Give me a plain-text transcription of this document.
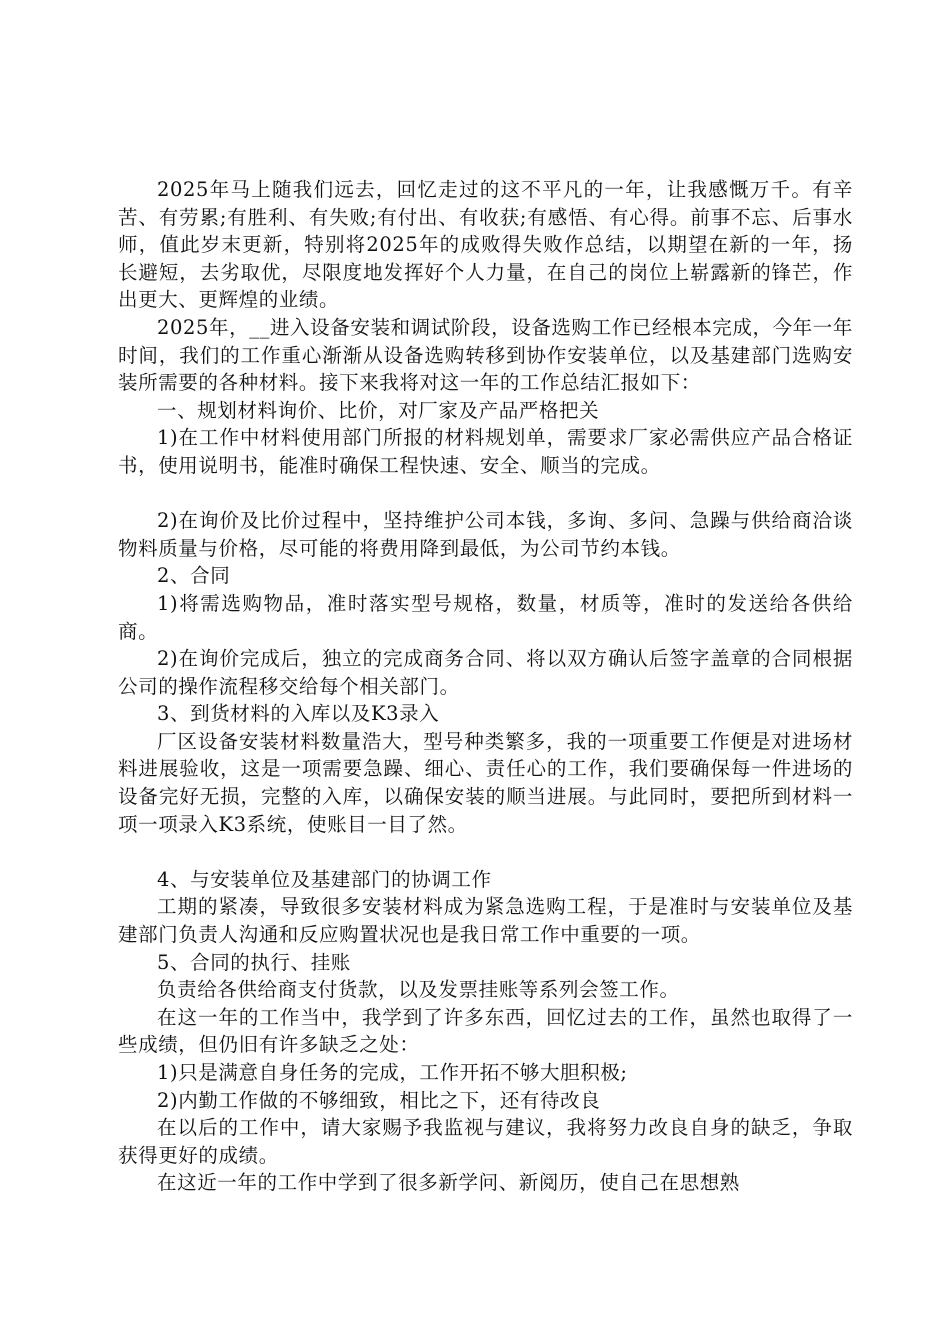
2025年马上随我们远去，回忆走过的这不平凡的一年，让我感慨万千。有辛苦、有劳累;有胜利、有失败;有付出、有收获;有感悟、有心得。前事不忘、后事水师，值此岁末更新，特别将2025年的成败得失败作总结，以期望在新的一年，扬长避短，去劣取优，尽限度地发挥好个人力量，在自己的岗位上崭露新的锋芒，作出更大、更辉煌的业绩。

2025年，__进入设备安装和调试阶段，设备选购工作已经根本完成，今年一年时间，我们的工作重心渐渐从设备选购转移到协作安装单位，以及基建部门选购安装所需要的各种材料。接下来我将对这一年的工作总结汇报如下：

一、规划材料询价、比价，对厂家及产品严格把关

1)在工作中材料使用部门所报的材料规划单，需要求厂家必需供应产品合格证书，使用说明书，能准时确保工程快速、安全、顺当的完成。

2)在询价及比价过程中，坚持维护公司本钱，多询、多问、急躁与供给商洽谈物料质量与价格，尽可能的将费用降到最低，为公司节约本钱。

2、合同

1)将需选购物品，准时落实型号规格，数量，材质等，准时的发送给各供给商。

2)在询价完成后，独立的完成商务合同、将以双方确认后签字盖章的合同根据公司的操作流程移交给每个相关部门。

3、到货材料的入库以及K3录入

厂区设备安装材料数量浩大，型号种类繁多，我的一项重要工作便是对进场材料进展验收，这是一项需要急躁、细心、责任心的工作，我们要确保每一件进场的设备完好无损，完整的入库，以确保安装的顺当进展。与此同时，要把所到材料一项一项录入K3系统，使账目一目了然。

4、与安装单位及基建部门的协调工作

工期的紧凑，导致很多安装材料成为紧急选购工程，于是准时与安装单位及基建部门负责人沟通和反应购置状况也是我日常工作中重要的一项。

5、合同的执行、挂账

负责给各供给商支付货款，以及发票挂账等系列会签工作。

在这一年的工作当中，我学到了许多东西，回忆过去的工作，虽然也取得了一些成绩，但仍旧有许多缺乏之处：

1)只是满意自身任务的完成，工作开拓不够大胆积极;

2)内勤工作做的不够细致，相比之下，还有待改良

在以后的工作中，请大家赐予我监视与建议，我将努力改良自身的缺乏，争取获得更好的成绩。

在这近一年的工作中学到了很多新学问、新阅历，使自己在思想熟
